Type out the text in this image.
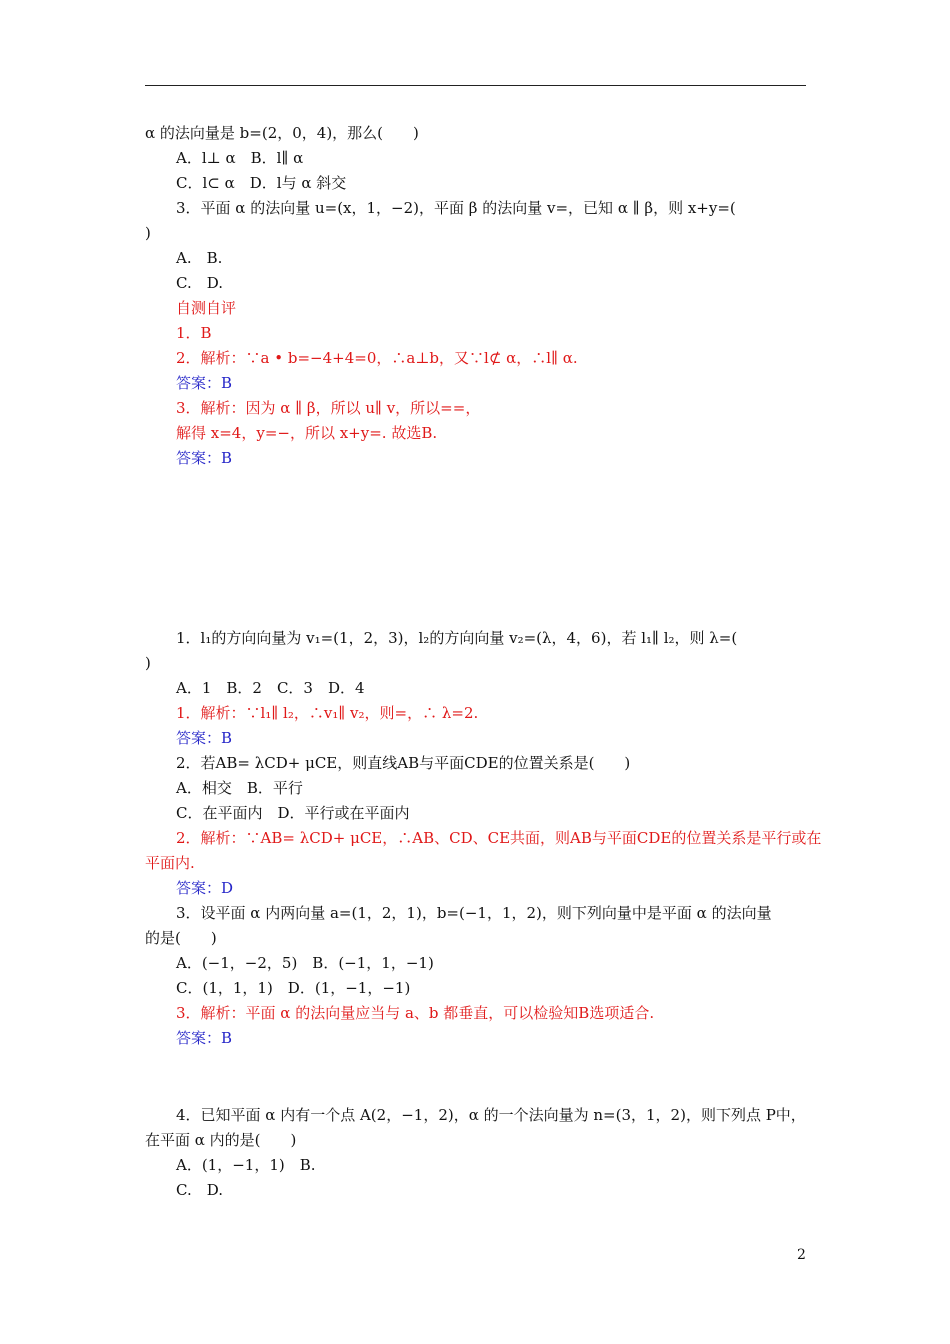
α 的法向量是 b=(2，0，4)，那么(　　)
A．l⊥ α　B．l∥ α
C．l⊂ α　D．l与 α 斜交
3．平面 α 的法向量 u=(x，1，−2)，平面 β 的法向量 v=，已知 α ∥ β，则 x+y=(
)
A.　B.
C.　D.
自测自评
1．B
2．解析：∵a • b=−4+4=0，∴a⊥b，又∵l⊄ α，∴l∥ α.
答案：B
3．解析：因为 α ∥ β，所以 u∥ v，所以==，
解得 x=4，y=−，所以 x+y=. 故选B.
答案：B
1．l₁的方向向量为 v₁=(1，2，3)，l₂的方向向量 v₂=(λ，4，6)，若 l₁∥ l₂，则 λ=(
)
A．1　B．2　C．3　D．4
1．解析：∵l₁∥ l₂，∴v₁∥ v₂，则=，∴ λ=2.
答案：B
2．若AB= λCD+ μCE，则直线AB与平面CDE的位置关系是(　　)
A．相交　B．平行
C．在平面内　D．平行或在平面内
2．解析：∵AB= λCD+ μCE，∴AB、CD、CE共面，则AB与平面CDE的位置关系是平行或在
平面内.
答案：D
3．设平面 α 内两向量 a=(1，2，1)，b=(−1，1，2)，则下列向量中是平面 α 的法向量
的是(　　)
A．(−1，−2，5)　B．(−1，1，−1)
C．(1，1，1)　D．(1，−1，−1)
3．解析：平面 α 的法向量应当与 a、b 都垂直，可以检验知B选项适合.
答案：B
4．已知平面 α 内有一个点 A(2，−1，2)，α 的一个法向量为 n=(3，1，2)，则下列点 P中，
在平面 α 内的是(　　)
A．(1，−1，1)　B.
C.　D.
2
